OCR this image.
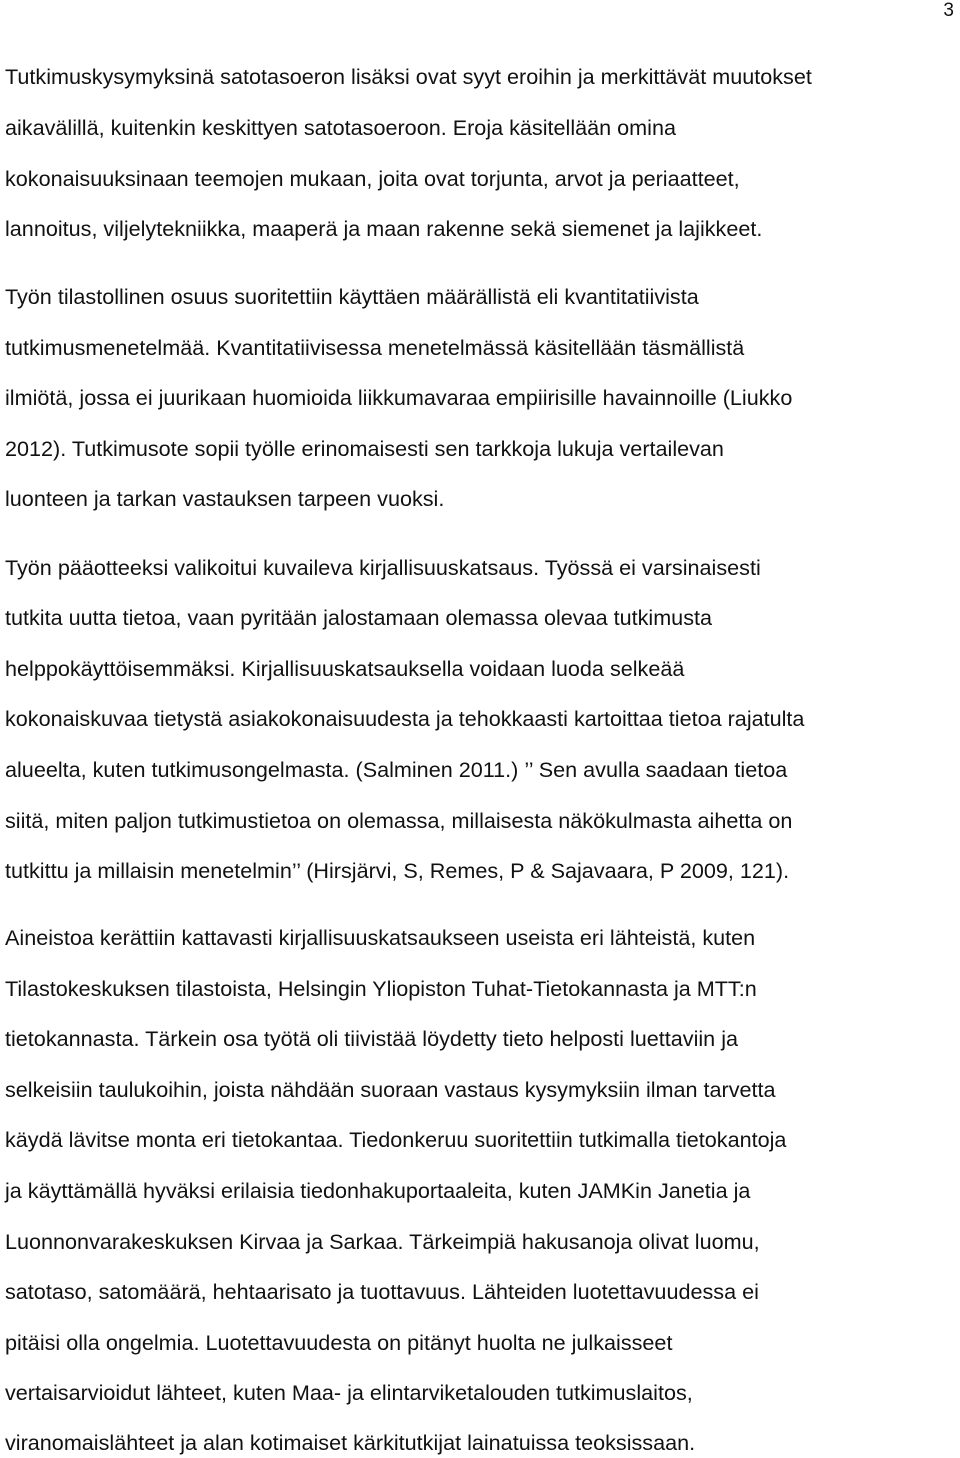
3
Tutkimuskysymyksinä satotasoeron lisäksi ovat syyt eroihin ja merkittävät muutokset
aikavälillä, kuitenkin keskittyen satotasoeroon. Eroja käsitellään omina
kokonaisuuksinaan teemojen mukaan, joita ovat torjunta, arvot ja periaatteet,
lannoitus, viljelytekniikka, maaperä ja maan rakenne sekä siemenet ja lajikkeet.
Työn tilastollinen osuus suoritettiin käyttäen määrällistä eli kvantitatiivista
tutkimusmenetelmää. Kvantitatiivisessa menetelmässä käsitellään täsmällistä
ilmiötä, jossa ei juurikaan huomioida liikkumavaraa empiirisille havainnoille (Liukko
2012). Tutkimusote sopii työlle erinomaisesti sen tarkkoja lukuja vertailevan
luonteen ja tarkan vastauksen tarpeen vuoksi.
Työn pääotteeksi valikoitui kuvaileva kirjallisuuskatsaus. Työssä ei varsinaisesti
tutkita uutta tietoa, vaan pyritään jalostamaan olemassa olevaa tutkimusta
helppokäyttöisemmäksi. Kirjallisuuskatsauksella voidaan luoda selkeää
kokonaiskuvaa tietystä asiakokonaisuudesta ja tehokkaasti kartoittaa tietoa rajatulta
alueelta, kuten tutkimusongelmasta. (Salminen 2011.) ’’ Sen avulla saadaan tietoa
siitä, miten paljon tutkimustietoa on olemassa, millaisesta näkökulmasta aihetta on
tutkittu ja millaisin menetelmin’’ (Hirsjärvi, S, Remes, P & Sajavaara, P 2009, 121).
Aineistoa kerättiin kattavasti kirjallisuuskatsaukseen useista eri lähteistä, kuten
Tilastokeskuksen tilastoista, Helsingin Yliopiston Tuhat-Tietokannasta ja MTT:n
tietokannasta. Tärkein osa työtä oli tiivistää löydetty tieto helposti luettaviin ja
selkeisiin taulukoihin, joista nähdään suoraan vastaus kysymyksiin ilman tarvetta
käydä lävitse monta eri tietokantaa. Tiedonkeruu suoritettiin tutkimalla tietokantoja
ja käyttämällä hyväksi erilaisia tiedonhakuportaaleita, kuten JAMKin Janetia ja
Luonnonvarakeskuksen Kirvaa ja Sarkaa. Tärkeimpiä hakusanoja olivat luomu,
satotaso, satomäärä, hehtaarisato ja tuottavuus. Lähteiden luotettavuudessa ei
pitäisi olla ongelmia. Luotettavuudesta on pitänyt huolta ne julkaisseet
vertaisarvioidut lähteet, kuten Maa- ja elintarviketalouden tutkimuslaitos,
viranomaislähteet ja alan kotimaiset kärkitutkijat lainatuissa teoksissaan.
